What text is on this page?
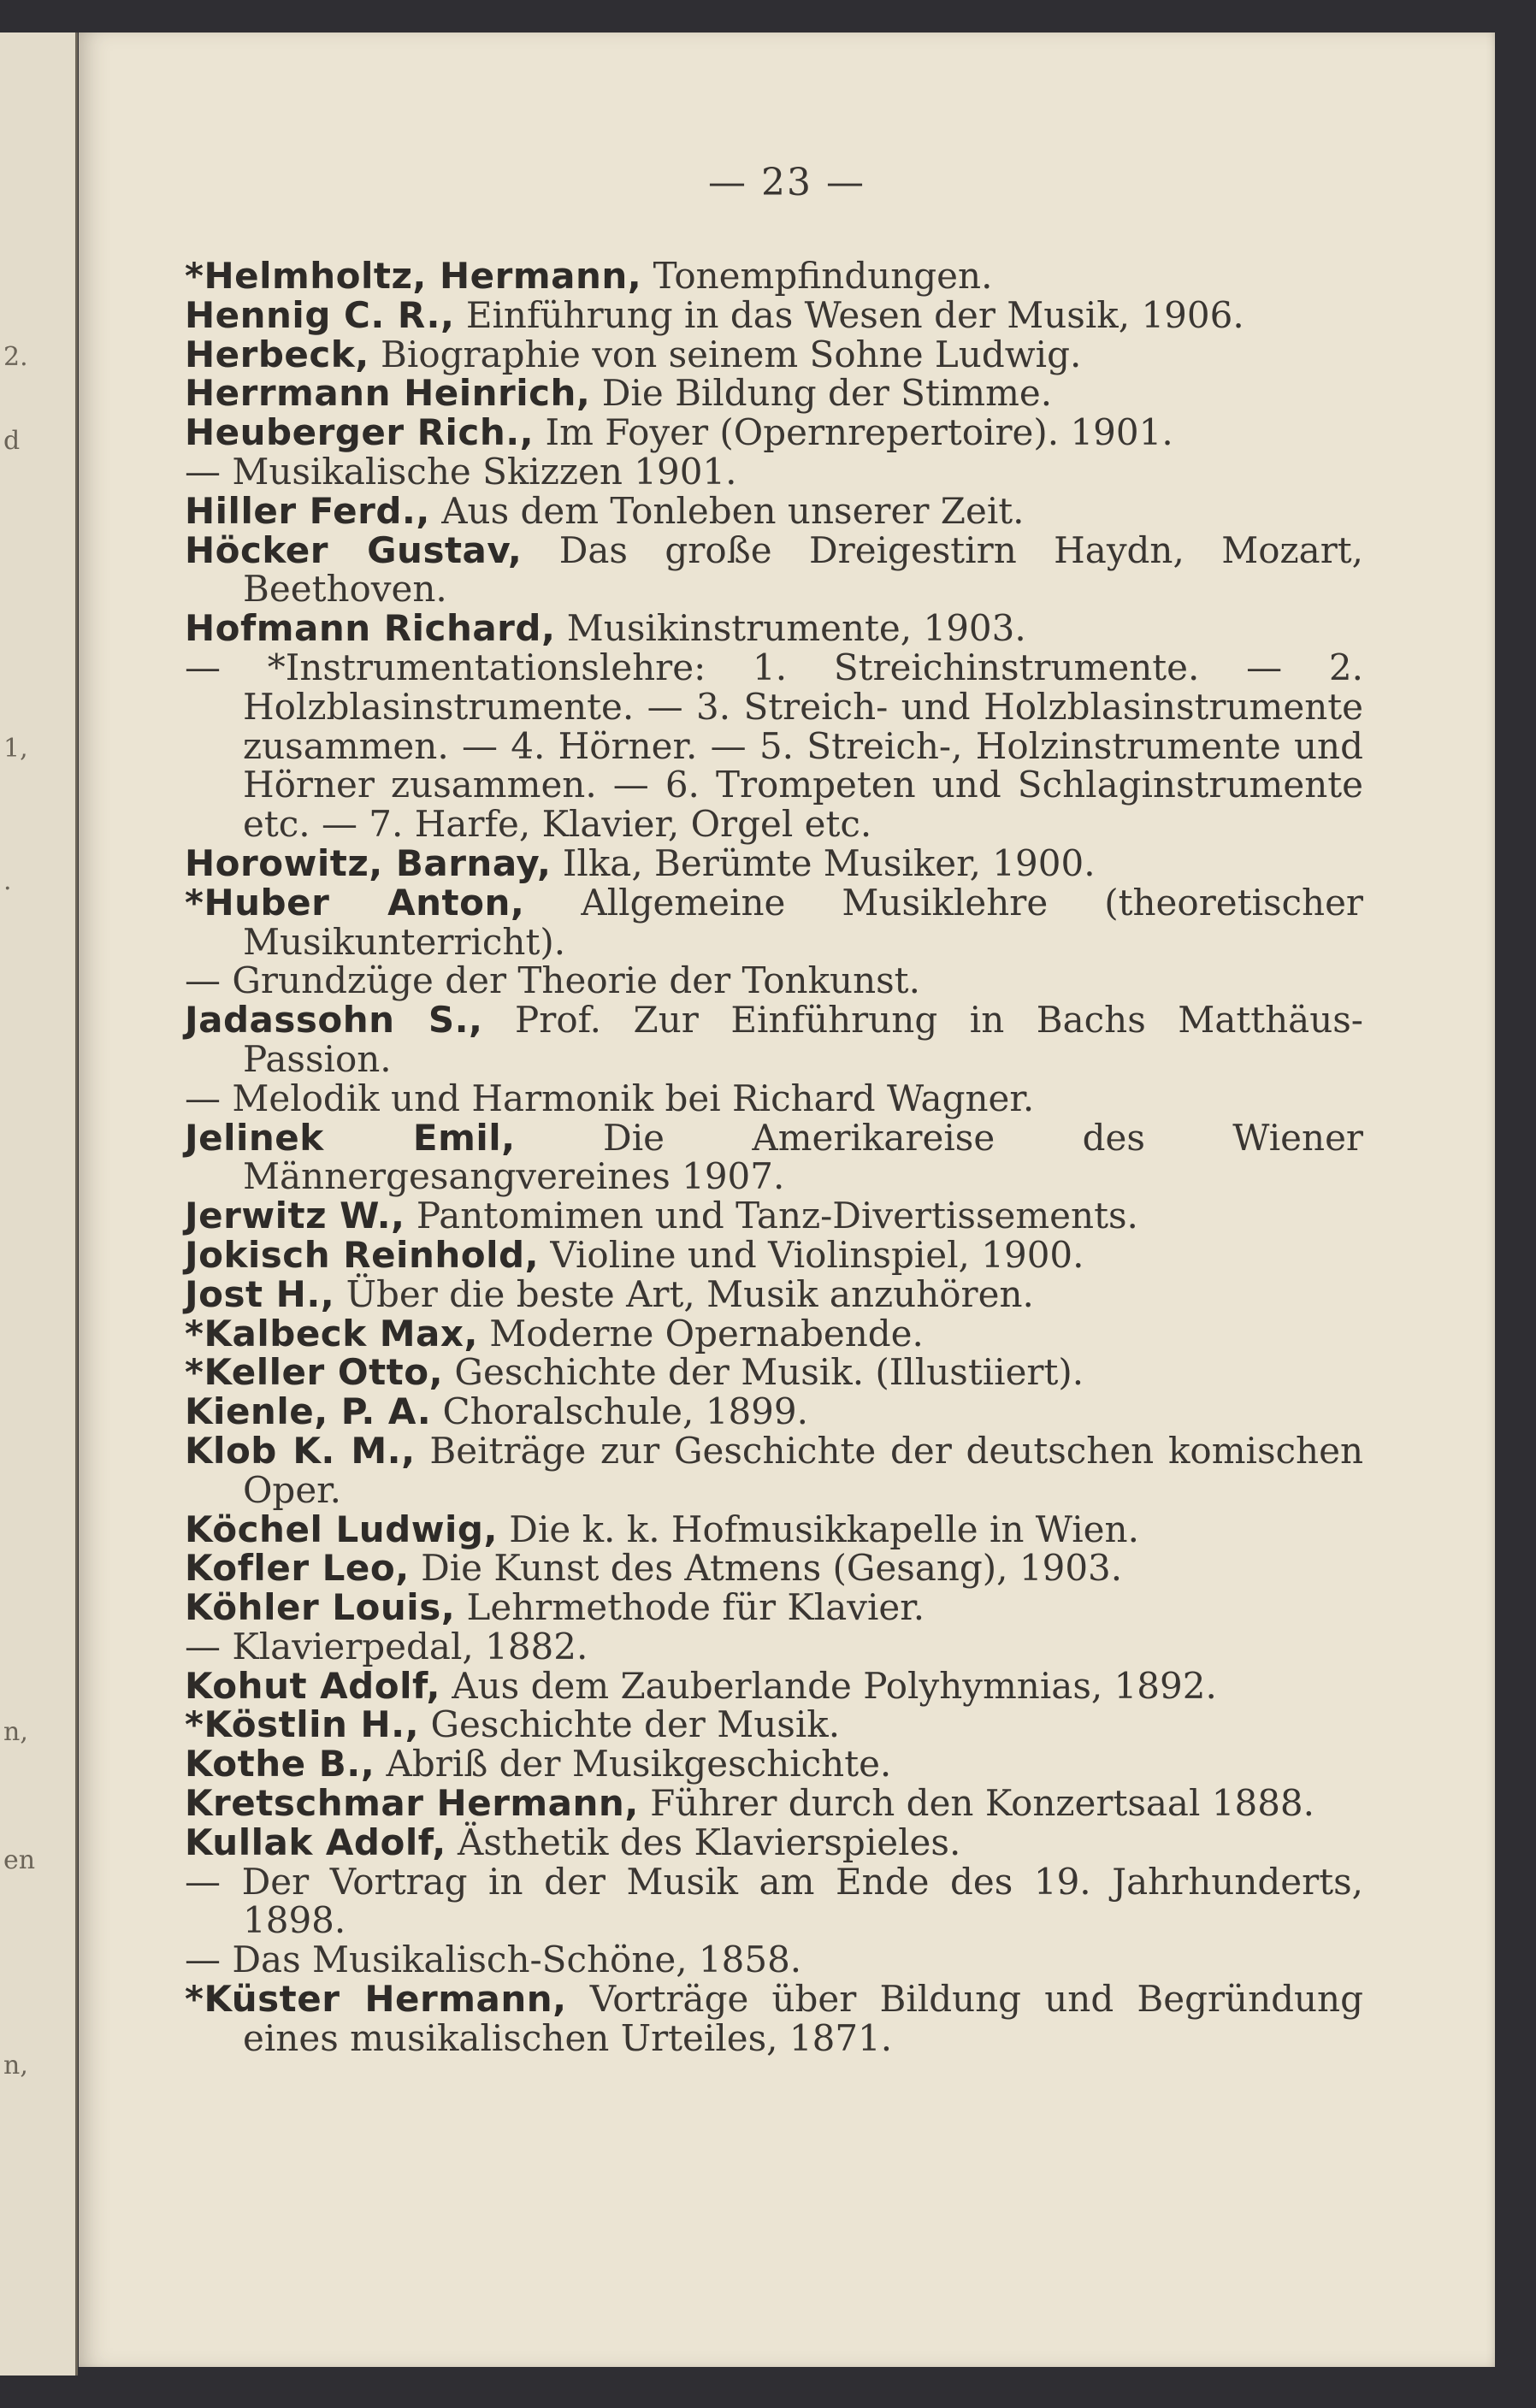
2.
d
1,
.
n,
en
n,
— 23 —
*Helmholtz, Hermann, Tonempfindungen.
Hennig C. R., Einführung in das Wesen der Musik, 1906.
Herbeck, Biographie von seinem Sohne Ludwig.
Herrmann Heinrich, Die Bildung der Stimme.
Heuberger Rich., Im Foyer (Opernrepertoire). 1901.
— Musikalische Skizzen 1901.
Hiller Ferd., Aus dem Tonleben unserer Zeit.
Höcker Gustav, Das große Dreigestirn Haydn, Mozart, Beethoven.
Hofmann Richard, Musikinstrumente, 1903.
— *Instrumentationslehre: 1. Streichinstrumente. — 2. Holzblasinstrumente. — 3. Streich- und Holzblasinstrumente zusammen. — 4. Hörner. — 5. Streich-, Holzinstrumente und Hörner zusammen. — 6. Trompeten und Schlaginstrumente etc. — 7. Harfe, Klavier, Orgel etc.
Horowitz, Barnay, Ilka, Berümte Musiker, 1900.
*Huber Anton, Allgemeine Musiklehre (theoretischer Musikunterricht).
— Grundzüge der Theorie der Tonkunst.
Jadassohn S., Prof. Zur Einführung in Bachs Matthäus-Passion.
— Melodik und Harmonik bei Richard Wagner.
Jelinek Emil, Die Amerikareise des Wiener Männergesangvereines 1907.
Jerwitz W., Pantomimen und Tanz-Divertissements.
Jokisch Reinhold, Violine und Violinspiel, 1900.
Jost H., Über die beste Art, Musik anzuhören.
*Kalbeck Max, Moderne Opernabende.
*Keller Otto, Geschichte der Musik. (Illustiiert).
Kienle, P. A. Choralschule, 1899.
Klob K. M., Beiträge zur Geschichte der deutschen komischen Oper.
Köchel Ludwig, Die k. k. Hofmusikkapelle in Wien.
Kofler Leo, Die Kunst des Atmens (Gesang), 1903.
Köhler Louis, Lehrmethode für Klavier.
— Klavierpedal, 1882.
Kohut Adolf, Aus dem Zauberlande Polyhymnias, 1892.
*Köstlin H., Geschichte der Musik.
Kothe B., Abriß der Musikgeschichte.
Kretschmar Hermann, Führer durch den Konzertsaal 1888.
Kullak Adolf, Ästhetik des Klavierspieles.
— Der Vortrag in der Musik am Ende des 19. Jahrhunderts, 1898.
— Das Musikalisch-Schöne, 1858.
*Küster Hermann, Vorträge über Bildung und Begründung eines musikalischen Urteiles, 1871.
